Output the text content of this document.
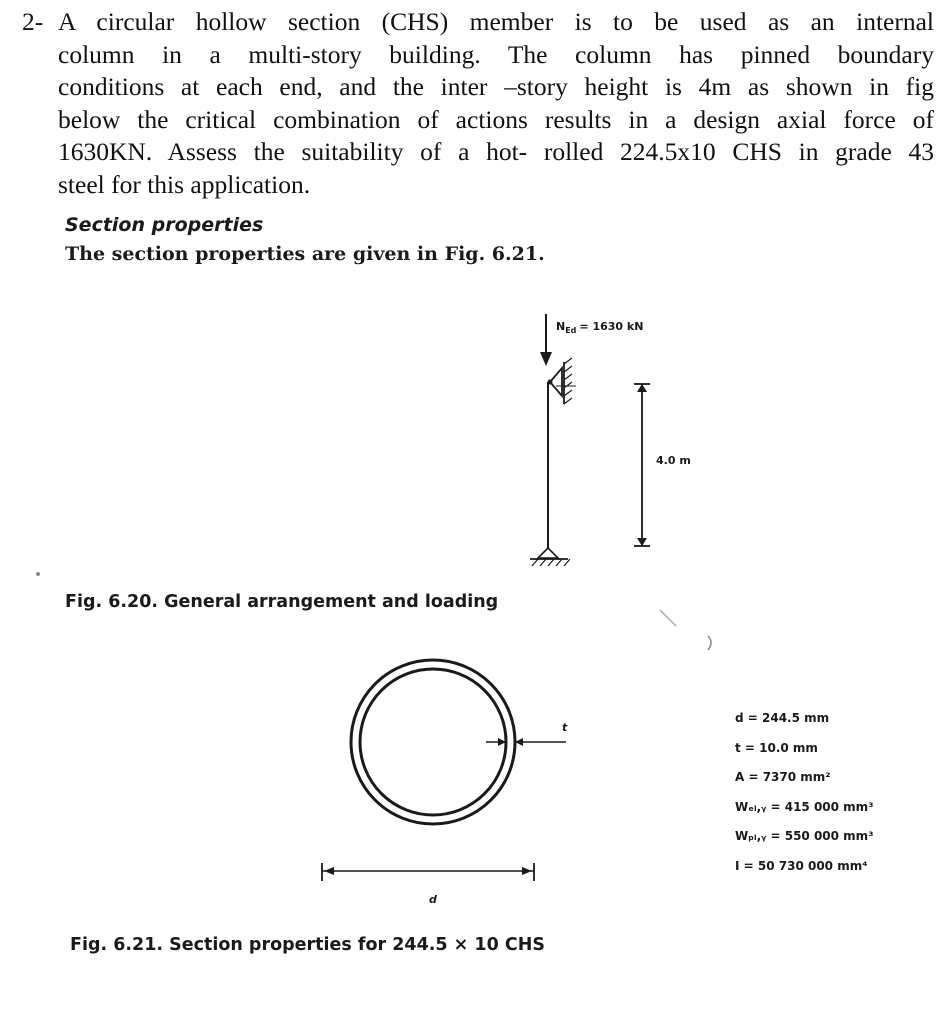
2- A circular hollow section (CHS) member is to be used as an internal
column in a multi-story building. The column has pinned boundary
conditions at each end, and the inter –story height is 4m as shown in fig
below the critical combination of actions results in a design axial force of
1630KN. Assess the suitability of a hot- rolled 224.5x10 CHS in grade 43
steel for this application.
Section properties
The section properties are given in Fig. 6.21.
$N_{Ed} = 1630$ kN
4.0 m
Fig. 6.20. General arrangement and loading
t
d
d = 244.5 mm
t = 10.0 mm
A = 7370 mm²
Wₑₗ,ᵧ = 415 000 mm³
Wₚₗ,ᵧ = 550 000 mm³
I = 50 730 000 mm⁴
Fig. 6.21. Section properties for 244.5 × 10 CHS
